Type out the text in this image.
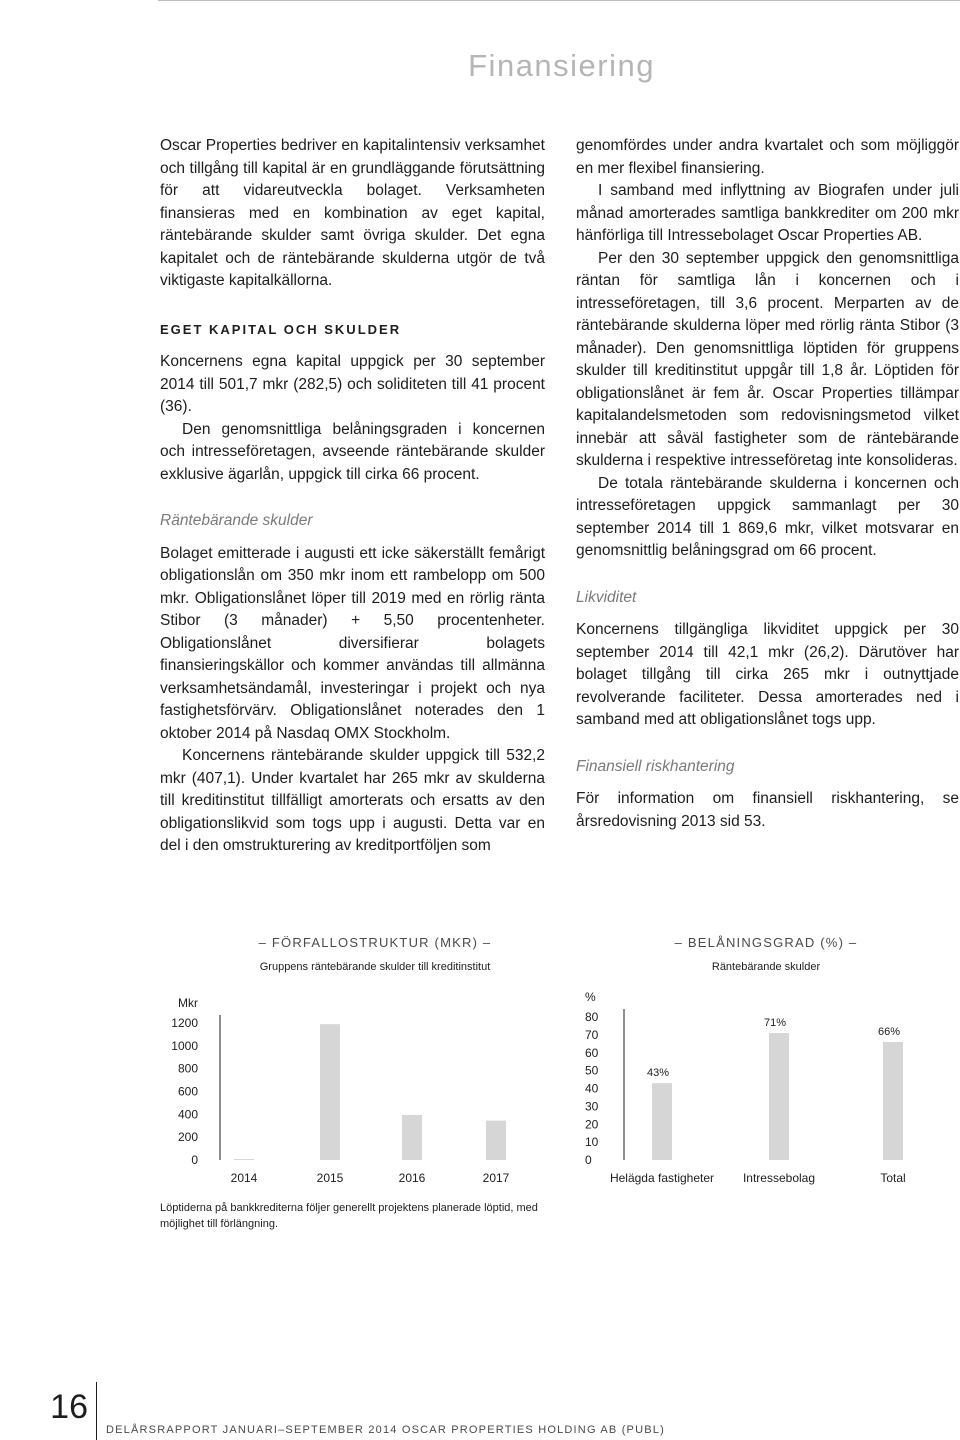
Finansiering

Oscar Properties bedriver en kapitalintensiv verksamhet och tillgång till kapital är en grundläggande förutsättning för att vidareutveckla bolaget. Verksamheten finansieras med en kombination av eget kapital, räntebärande skulder samt övriga skulder. Det egna kapitalet och de räntebärande skulderna utgör de två viktigaste kapitalkällorna.

EGET KAPITAL OCH SKULDER

Koncernens egna kapital uppgick per 30 september 2014 till 501,7 mkr (282,5) och soliditeten till 41 procent (36).

Den genomsnittliga belåningsgraden i koncernen och intresseföretagen, avseende räntebärande skulder exklusive ägarlån, uppgick till cirka 66 procent.

Räntebärande skulder

Bolaget emitterade i augusti ett icke säkerställt femårigt obligationslån om 350 mkr inom ett rambelopp om 500 mkr. Obligationslånet löper till 2019 med en rörlig ränta Stibor (3 månader) + 5,50 procentenheter. Obligationslånet diversifierar bolagets finansieringskällor och kommer användas till allmänna verksamhetsändamål, investeringar i projekt och nya fastighetsförvärv. Obligationslånet noterades den 1 oktober 2014 på Nasdaq OMX Stockholm.

Koncernens räntebärande skulder uppgick till 532,2 mkr (407,1). Under kvartalet har 265 mkr av skulderna till kreditinstitut tillfälligt amorterats och ersatts av den obligationslikvid som togs upp i augusti. Detta var en del i den omstrukturering av kreditportföljen som

genomfördes under andra kvartalet och som möjliggör en mer flexibel finansiering.

I samband med inflyttning av Biografen under juli månad amorterades samtliga bankkrediter om 200 mkr hänförliga till Intressebolaget Oscar Properties AB.

Per den 30 september uppgick den genomsnittliga räntan för samtliga lån i koncernen och i intresseföretagen, till 3,6 procent. Merparten av de räntebärande skulderna löper med rörlig ränta Stibor (3 månader). Den genomsnittliga löptiden för gruppens skulder till kreditinstitut uppgår till 1,8 år. Löptiden för obligationslånet är fem år. Oscar Properties tillämpar kapitalandelsmetoden som redovisningsmetod vilket innebär att såväl fastigheter som de räntebärande skulderna i respektive intresseföretag inte konsolideras.

De totala räntebärande skulderna i koncernen och intresseföretagen uppgick sammanlagt per 30 september 2014 till 1 869,6 mkr, vilket motsvarar en genomsnittlig belåningsgrad om 66 procent.

Likviditet

Koncernens tillgängliga likviditet uppgick per 30 september 2014 till 42,1 mkr (26,2). Därutöver har bolaget tillgång till cirka 265 mkr i outnyttjade revolverande faciliteter. Dessa amorterades ned i samband med att obligationslånet togs upp.

Finansiell riskhantering

För information om finansiell riskhantering, se årsredovisning 2013 sid 53.

– FÖRFALLOSTRUKTUR (MKR) –
Gruppens räntebärande skulder till kreditinstitut
Mkr
0
200
400
600
800
1000
1200
2014	2015	2016	2017
– BELÅNINGSGRAD (%) –
Räntebärande skulder
%
0
10
20
30
40
50
60
70
80
Helägda fastigheter
43%
Intressebolag
71%
Total
66%
Löptiderna på bankkrediterna följer generellt projektens planerade löptid, med möjlighet till förlängning.
16
DELÅRSRAPPORT JANUARI–SEPTEMBER 2014 OSCAR PROPERTIES HOLDING AB (PUBL)
